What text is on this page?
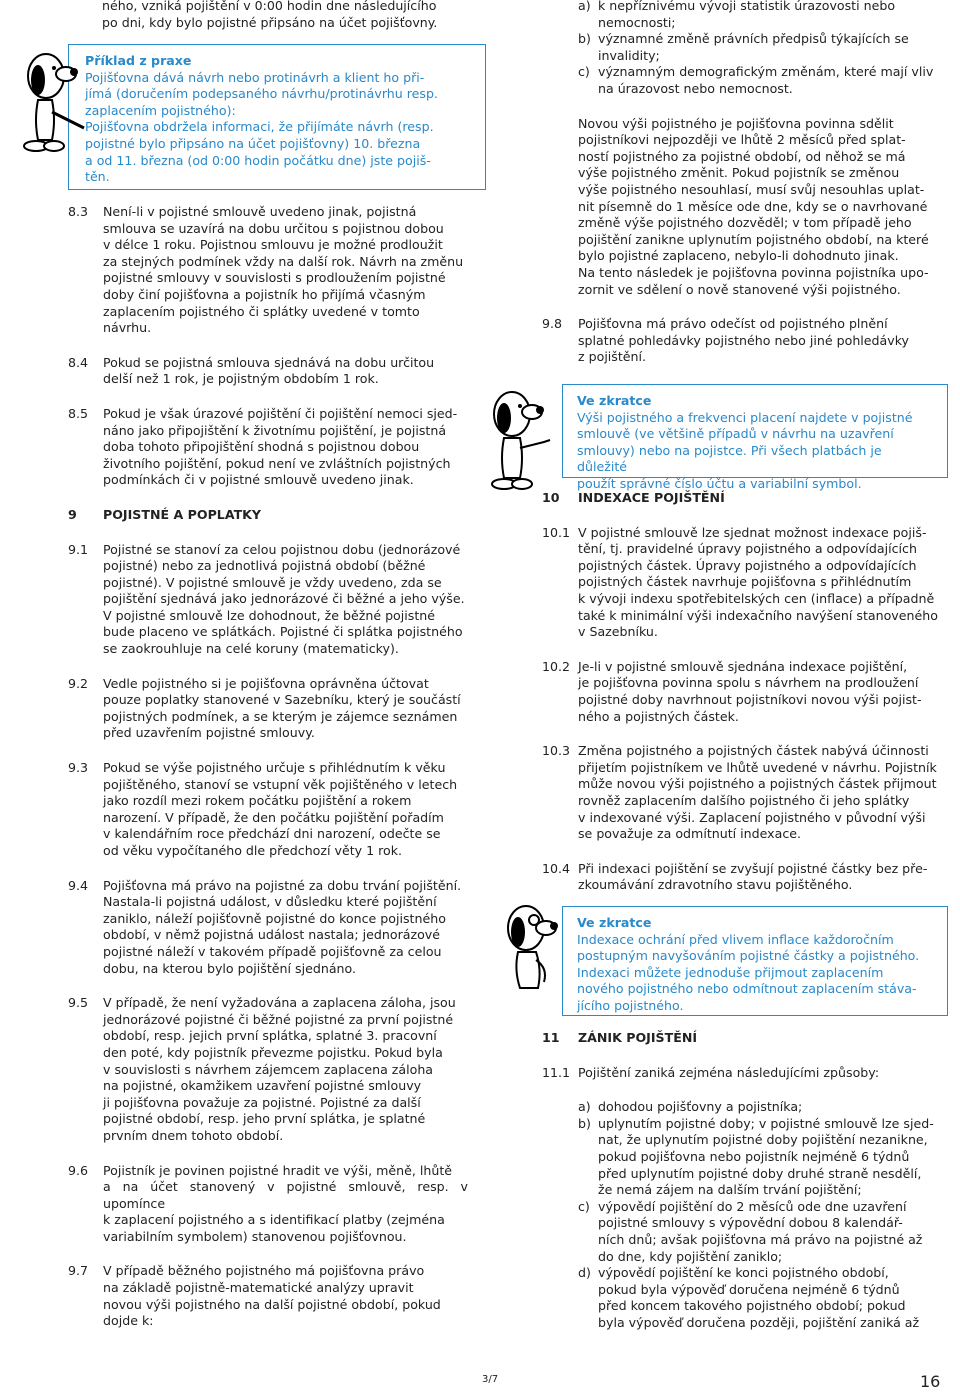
ného, vzniká pojištění v 0:00 hodin dne následujícího
po dni, kdy bylo pojistné připsáno na účet pojišťovny.
Příklad z praxe
Pojišťovna dává návrh nebo protinávrh a klient ho při-
jímá (doručením podepsaného návrhu/protinávrhu resp.
zaplacením pojistného):
Pojišťovna obdržela informaci, že přijímáte návrh (resp.
pojistné bylo připsáno na účet pojišťovny) 10. března
a od 11. března (od 0:00 hodin počátku dne) jste pojiš-
těn.
8.3	Není-li v pojistné smlouvě uvedeno jinak, pojistná
smlouva se uzavírá na dobu určitou s pojistnou dobou
v délce 1 roku. Pojistnou smlouvu je možné prodloužit
za stejných podmínek vždy na další rok. Návrh na změnu
pojistné smlouvy v souvislosti s prodloužením pojistné
doby činí pojišťovna a pojistník ho přijímá včasným
zaplacením pojistného či splátky uvedené v tomto
návrhu.
8.4	Pokud se pojistná smlouva sjednává na dobu určitou
delší než 1 rok, je pojistným obdobím 1 rok.
8.5	Pokud je však úrazové pojištění či pojištění nemoci sjed-
náno jako připojištění k životnímu pojištění, je pojistná
doba tohoto připojištění shodná s pojistnou dobou
životního pojištění, pokud není ve zvláštních pojistných
podmínkách či v pojistné smlouvě uvedeno jinak.
9	POJISTNÉ A POPLATKY
9.1	Pojistné se stanoví za celou pojistnou dobu (jednorázové
pojistné) nebo za jednotlivá pojistná období (běžné
pojistné). V pojistné smlouvě je vždy uvedeno, zda se
pojištění sjednává jako jednorázové či běžné a jeho výše.
V pojistné smlouvě lze dohodnout, že běžné pojistné
bude placeno ve splátkách. Pojistné či splátka pojistného
se zaokrouhluje na celé koruny (matematicky).
9.2	Vedle pojistného si je pojišťovna oprávněna účtovat
pouze poplatky stanovené v Sazebníku, který je součástí
pojistných podmínek, a se kterým je zájemce seznámen
před uzavřením pojistné smlouvy.
9.3	Pokud se výše pojistného určuje s přihlédnutím k věku
pojištěného, stanoví se vstupní věk pojištěného v letech
jako rozdíl mezi rokem počátku pojištění a rokem
narození. V případě, že den počátku pojištění pořadím
v kalendářním roce předchází dni narození, odečte se
od věku vypočítaného dle předchozí věty 1 rok.
9.4	Pojišťovna má právo na pojistné za dobu trvání pojištění.
Nastala-li pojistná událost, v důsledku které pojištění
zaniklo, náleží pojišťovně pojistné do konce pojistného
období, v němž pojistná událost nastala; jednorázové
pojistné náleží v takovém případě pojišťovně za celou
dobu, na kterou bylo pojištění sjednáno.
9.5	V případě, že není vyžadována a zaplacena záloha, jsou
jednorázové pojistné či běžné pojistné za první pojistné
období, resp. jejich první splátka, splatné 3. pracovní
den poté, kdy pojistník převezme pojistku. Pokud byla
v souvislosti s návrhem zájemcem zaplacena záloha
na pojistné, okamžikem uzavření pojistné smlouvy
ji pojišťovna považuje za pojistné. Pojistné za další
pojistné období, resp. jeho první splátka, je splatné
prvním dnem tohoto období.
9.6	Pojistník je povinen pojistné hradit ve výši, měně, lhůtě
a na účet stanovený v pojistné smlouvě, resp. v upomínce
k zaplacení pojistného a s identifikací platby (zejména
variabilním symbolem) stanovenou pojišťovnou.
9.7	V případě běžného pojistného má pojišťovna právo
na základě pojistně-matematické analýzy upravit
novou výši pojistného na další pojistné období, pokud
dojde k:
a) k nepříznivému vývoji statistik úrazovosti nebo
nemocnosti;
b) významné změně právních předpisů týkajících se
invalidity;
c) významným demografickým změnám, které mají vliv
na úrazovost nebo nemocnost.
Novou výši pojistného je pojišťovna povinna sdělit
pojistníkovi nejpozději ve lhůtě 2 měsíců před splat-
ností pojistného za pojistné období, od něhož se má
výše pojistného změnit. Pokud pojistník se změnou
výše pojistného nesouhlasí, musí svůj nesouhlas uplat-
nit písemně do 1 měsíce ode dne, kdy se o navrhované
změně výše pojistného dozvěděl; v tom případě jeho
pojištění zanikne uplynutím pojistného období, na které
bylo pojistné zaplaceno, nebylo-li dohodnuto jinak.
Na tento následek je pojišťovna povinna pojistníka upo-
zornit ve sdělení o nově stanovené výši pojistného.
9.8	Pojišťovna má právo odečíst od pojistného plnění
splatné pohledávky pojistného nebo jiné pohledávky
z pojištění.
Ve zkratce
Výši pojistného a frekvenci placení najdete v pojistné
smlouvě (ve většině případů v návrhu na uzavření
smlouvy) nebo na pojistce. Při všech platbách je důležité
použít správné číslo účtu a variabilní symbol.
10	INDEXACE POJIŠTĚNÍ
10.1 V pojistné smlouvě lze sjednat možnost indexace pojiš-
tění, tj. pravidelné úpravy pojistného a odpovídajících
pojistných částek. Úpravy pojistného a odpovídajících
pojistných částek navrhuje pojišťovna s přihlédnutím
k vývoji indexu spotřebitelských cen (inflace) a případně
také k minimální výši indexačního navýšení stanoveného
v Sazebníku.
10.2 Je-li v pojistné smlouvě sjednána indexace pojištění,
je pojišťovna povinna spolu s návrhem na prodloužení
pojistné doby navrhnout pojistníkovi novou výši pojist-
ného a pojistných částek.
10.3 Změna pojistného a pojistných částek nabývá účinnosti
přijetím pojistníkem ve lhůtě uvedené v návrhu. Pojistník
může novou výši pojistného a pojistných částek přijmout
rovněž zaplacením dalšího pojistného či jeho splátky
v indexované výši. Zaplacení pojistného v původní výši
se považuje za odmítnutí indexace.
10.4 Při indexaci pojištění se zvyšují pojistné částky bez pře-
zkoumávání zdravotního stavu pojištěného.
Ve zkratce
Indexace ochrání před vlivem inflace každoročním
postupným navyšováním pojistné částky a pojistného.
Indexaci můžete jednoduše přijmout zaplacením
nového pojistného nebo odmítnout zaplacením stáva-
jícího pojistného.
11	ZÁNIK POJIŠTĚNÍ
11.1 Pojištění zaniká zejména následujícími způsoby:
a) dohodou pojišťovny a pojistníka;
b) uplynutím pojistné doby; v pojistné smlouvě lze sjed-
nat, že uplynutím pojistné doby pojištění nezanikne,
pokud pojišťovna nebo pojistník nejméně 6 týdnů
před uplynutím pojistné doby druhé straně nesdělí,
že nemá zájem na dalším trvání pojištění;
c) výpovědí pojištění do 2 měsíců ode dne uzavření
pojistné smlouvy s výpovědní dobou 8 kalendář-
ních dnů; avšak pojišťovna má právo na pojistné až
do dne, kdy pojištění zaniklo;
d) výpovědí pojištění ke konci pojistného období,
pokud byla výpověď doručena nejméně 6 týdnů
před koncem takového pojistného období; pokud
byla výpověď doručena později, pojištění zaniká až
3/7	16
